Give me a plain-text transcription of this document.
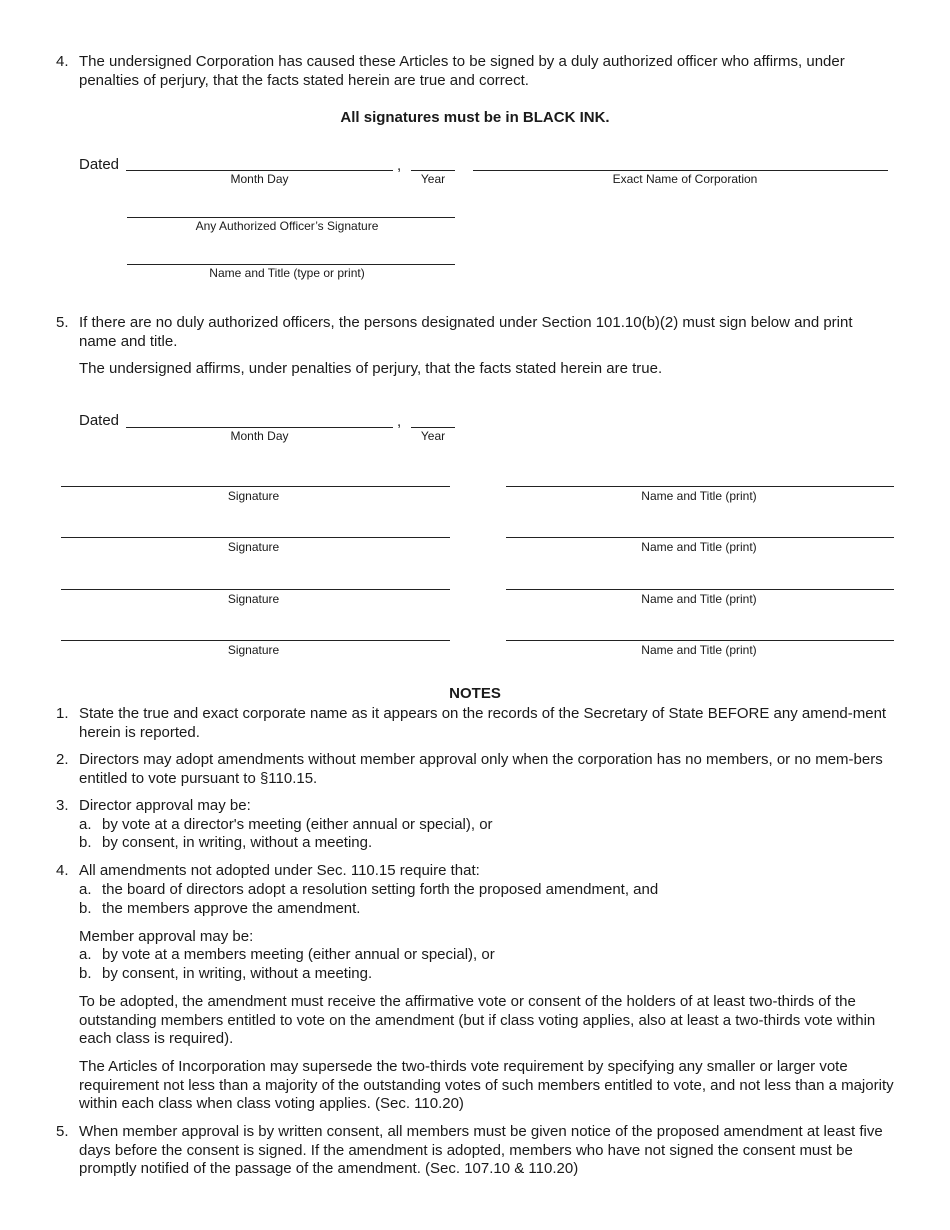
4. The undersigned Corporation has caused these Articles to be signed by a duly authorized officer who affirms, under penalties of perjury, that the facts stated herein are true and correct.
All signatures must be in BLACK INK.
Dated	,
Month Day	Year	Exact Name of Corporation
Any Authorized Officer’s Signature
Name and Title (type or print)
5. If there are no duly authorized officers, the persons designated under Section 101.10(b)(2) must sign below and print name and title.
The undersigned affirms, under penalties of perjury, that the facts stated herein are true.
Dated	,
Month Day	Year
Signature	Name and Title (print)
Signature	Name and Title (print)
Signature	Name and Title (print)
Signature	Name and Title (print)
NOTES
1. State the true and exact corporate name as it appears on the records of the Secretary of State BEFORE any amend-ment herein is reported.
2. Directors may adopt amendments without member approval only when the corporation has no members, or no mem-bers entitled to vote pursuant to §110.15.
3. Director approval may be:
a. by vote at a director's meeting (either annual or special), or
b. by consent, in writing, without a meeting.
4. All amendments not adopted under Sec. 110.15 require that:
a. the board of directors adopt a resolution setting forth the proposed amendment, and
b. the members approve the amendment.
Member approval may be:
a. by vote at a members meeting (either annual or special), or
b. by consent, in writing, without a meeting.
To be adopted, the amendment must receive the affirmative vote or consent of the holders of at least two-thirds of the outstanding members entitled to vote on the amendment (but if class voting applies, also at least a two-thirds vote within each class is required).
The Articles of Incorporation may supersede the two-thirds vote requirement by specifying any smaller or larger vote requirement not less than a majority of the outstanding votes of such members entitled to vote, and not less than a majority within each class when class voting applies. (Sec. 110.20)
5. When member approval is by written consent, all members must be given notice of the proposed amendment at least five days before the consent is signed. If the amendment is adopted, members who have not signed the consent must be promptly notified of the passage of the amendment. (Sec. 107.10 & 110.20)
